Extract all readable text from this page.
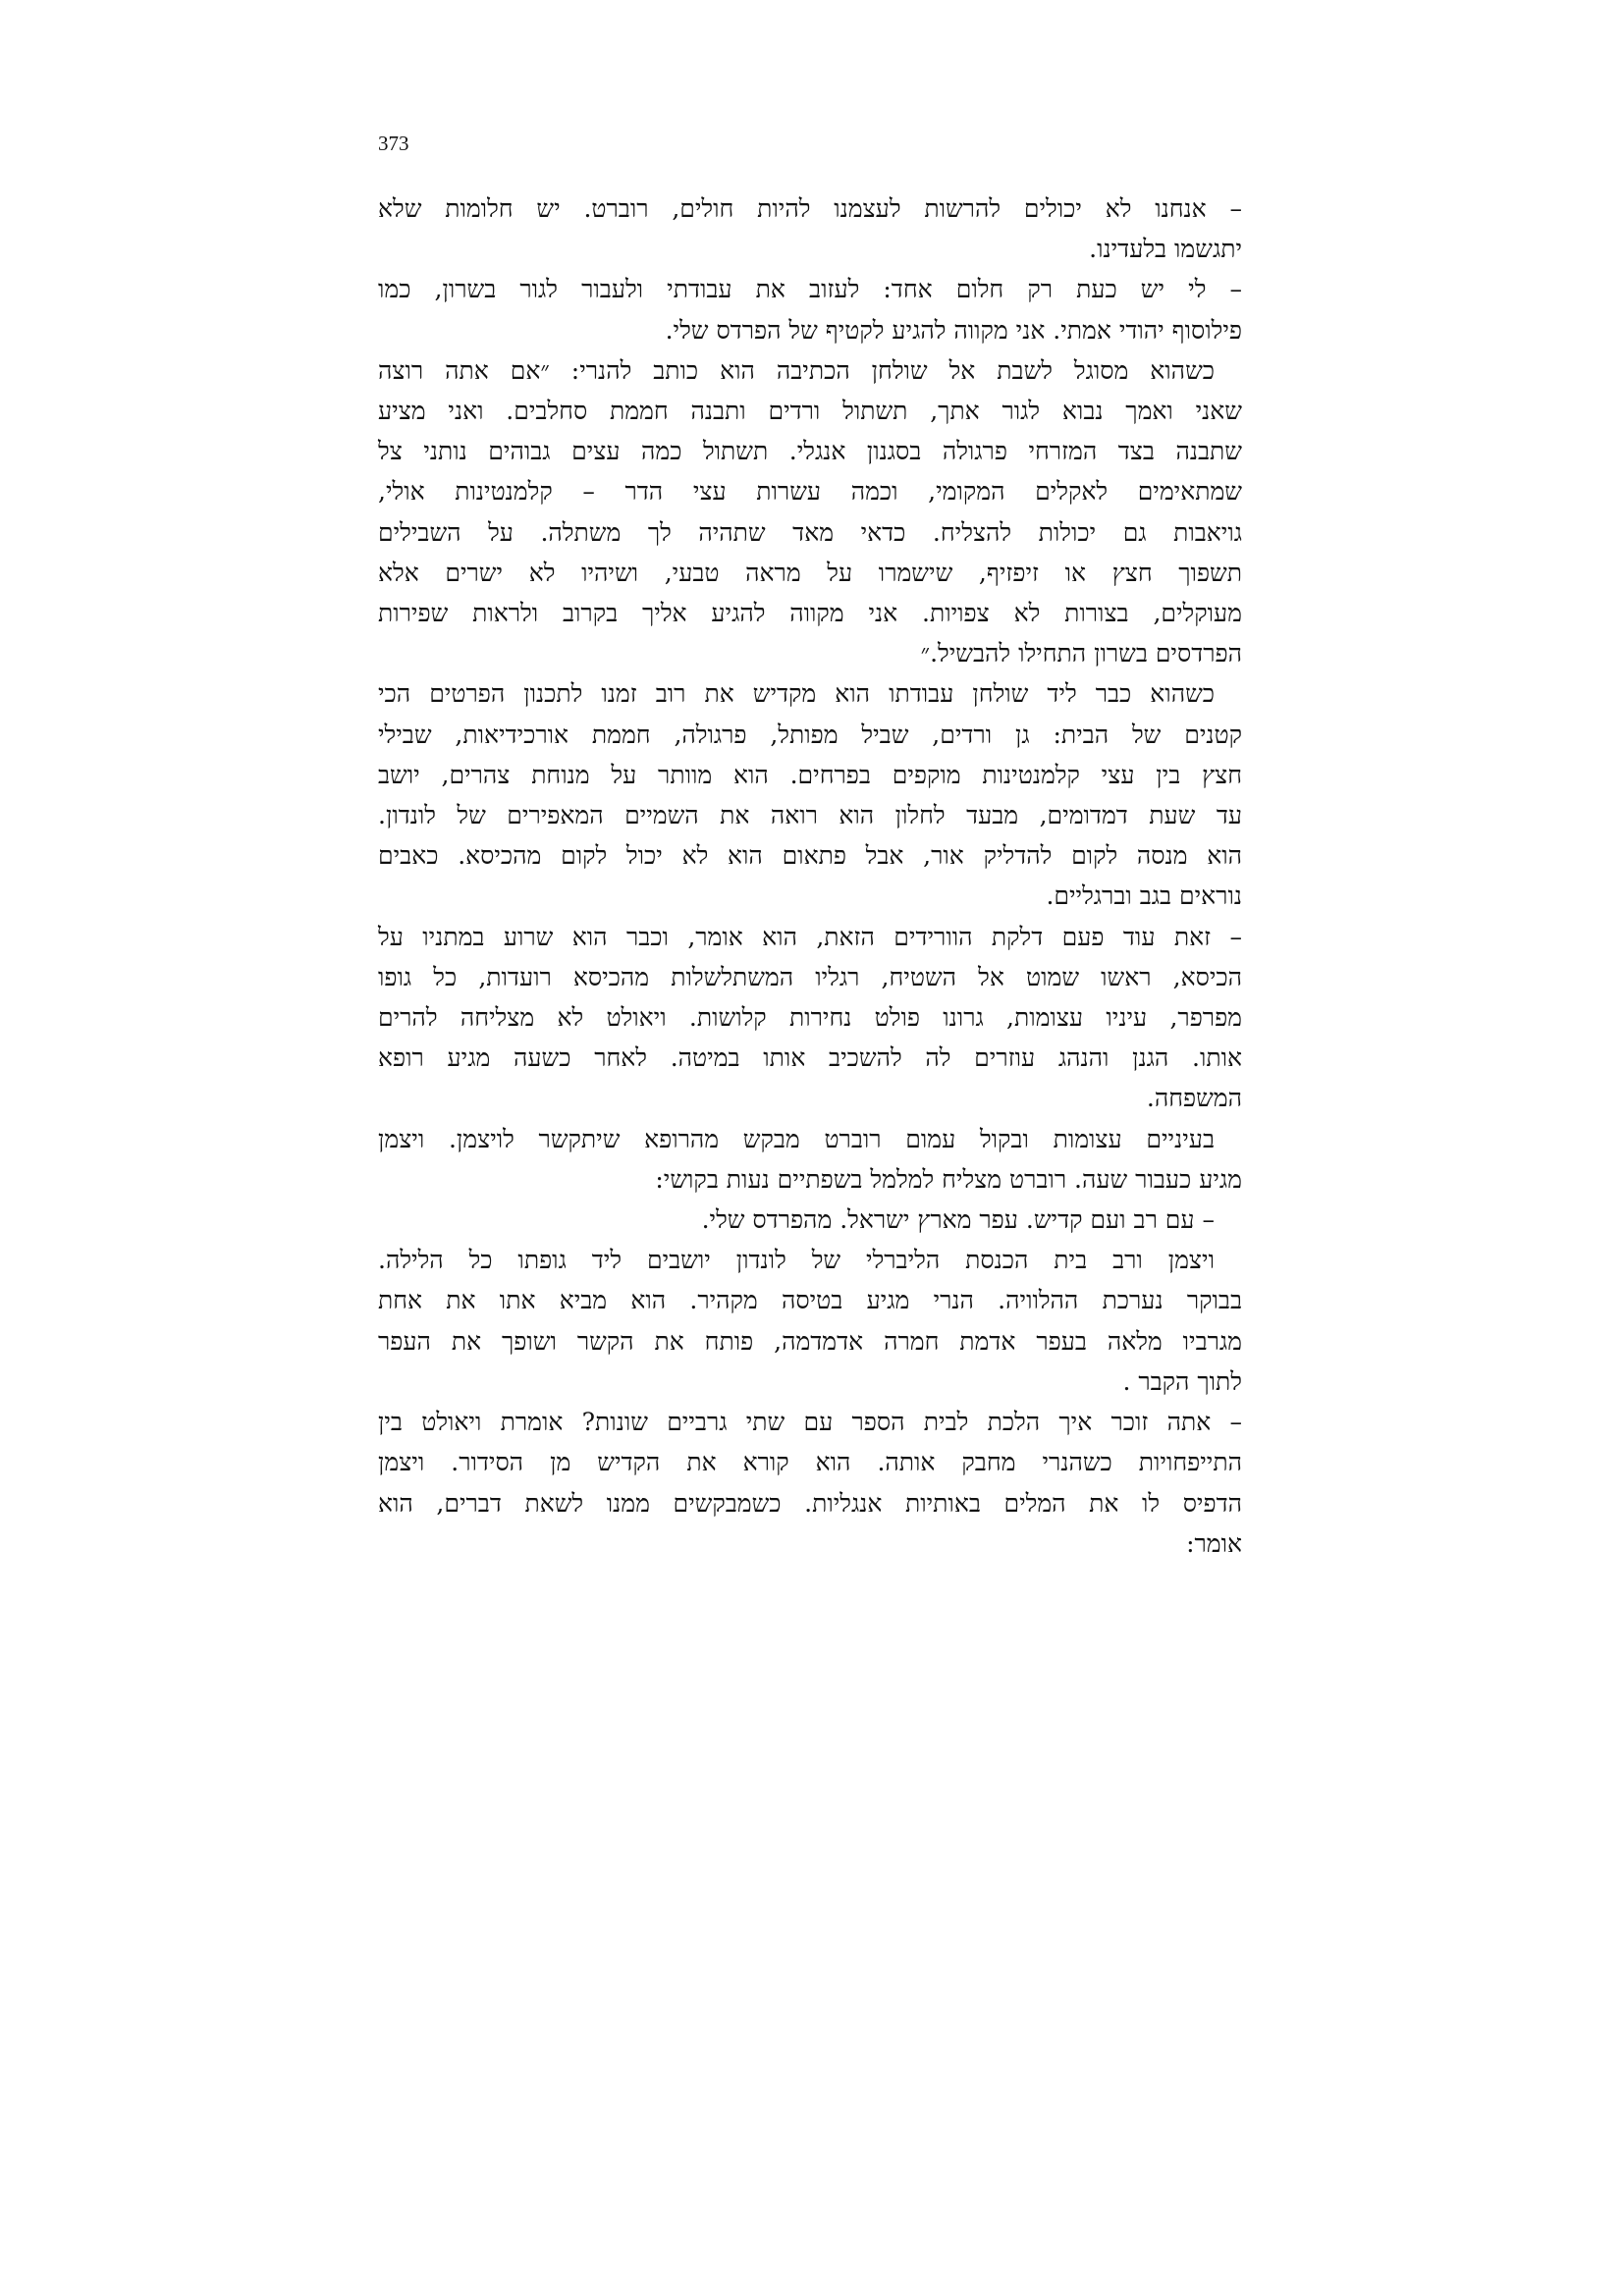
373

– אנחנו לא יכולים להרשות לעצמנו להיות חולים, רוברט. יש חלומות שלא
יתגשמו בלעדינו.

– לי יש כעת רק חלום אחד: לעזוב את עבודתי ולעבור לגור בשרון, כמו
פילוסוף יהודי אמתי. אני מקווה להגיע לקטיף של הפרדס שלי.

כשהוא מסוגל לשבת אל שולחן הכתיבה הוא כותב להנרי: ״אם אתה רוצה
שאני ואמך נבוא לגור אתך, תשתול ורדים ותבנה חממת סחלבים. ואני מציע
שתבנה בצד המזרחי פרגולה בסגנון אנגלי. תשתול כמה עצים גבוהים נותני צל
שמתאימים לאקלים המקומי, וכמה עשרות עצי הדר – קלמנטינות אולי,
גויאבות גם יכולות להצליח. כדאי מאד שתהיה לך משתלה. על השבילים
תשפוך חצץ או זיפזיף, שישמרו על מראה טבעי, ושיהיו לא ישרים אלא
מעוקלים, בצורות לא צפויות. אני מקווה להגיע אליך בקרוב ולראות שפירות
הפרדסים בשרון התחילו להבשיל.״

כשהוא כבר ליד שולחן עבודתו הוא מקדיש את רוב זמנו לתכנון הפרטים הכי
קטנים של הבית: גן ורדים, שביל מפותל, פרגולה, חממת אורכידיאות, שבילי
חצץ בין עצי קלמנטינות מוקפים בפרחים. הוא מוותר על מנוחת צהרים, יושב
עד שעת דמדומים, מבעד לחלון הוא רואה את השמיים המאפירים של לונדון.
הוא מנסה לקום להדליק אור, אבל פתאום הוא לא יכול לקום מהכיסא. כאבים
נוראים בגב וברגליים.

– זאת עוד פעם דלקת הוורידים הזאת, הוא אומר, וכבר הוא שרוע במתניו על
הכיסא, ראשו שמוט אל השטיח, רגליו המשתלשלות מהכיסא רועדות, כל גופו
מפרפר, עיניו עצומות, גרונו פולט נחירות קלושות. ויאולט לא מצליחה להרים
אותו. הגנן והנהג עוזרים לה להשכיב אותו במיטה. לאחר כשעה מגיע רופא
המשפחה.

בעיניים עצומות ובקול עמום רוברט מבקש מהרופא שיתקשר לויצמן. ויצמן
מגיע כעבור שעה. רוברט מצליח למלמל בשפתיים נעות בקושי:

– עם רב ועם קדיש. עפר מארץ ישראל. מהפרדס שלי.

ויצמן ורב בית הכנסת הליברלי של לונדון יושבים ליד גופתו כל הלילה.
בבוקר נערכת ההלוויה. הנרי מגיע בטיסה מקהיר. הוא מביא אתו את אחת
מגרביו מלאה בעפר אדמת חמרה אדמדמה, פותח את הקשר ושופך את העפר
לתוך הקבר .

– אתה זוכר איך הלכת לבית הספר עם שתי גרביים שונות? אומרת ויאולט בין
התייפחויות כשהנרי מחבק אותה. הוא קורא את הקדיש מן הסידור. ויצמן
הדפיס לו את המלים באותיות אנגליות. כשמבקשים ממנו לשאת דברים, הוא
אומר:
